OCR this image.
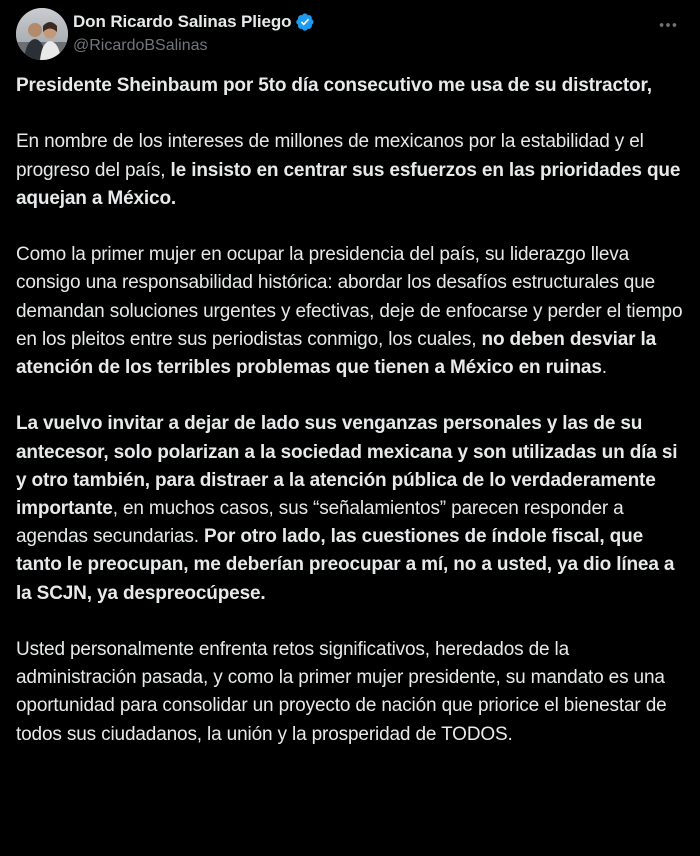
Don Ricardo Salinas Pliego
@RicardoBSalinas

Presidente Sheinbaum por 5to día consecutivo me usa de su distractor,

En nombre de los intereses de millones de mexicanos por la estabilidad y el progreso del país, le insisto en centrar sus esfuerzos en las prioridades que aquejan a México.

Como la primer mujer en ocupar la presidencia del país, su liderazgo lleva consigo una responsabilidad histórica: abordar los desafíos estructurales que demandan soluciones urgentes y efectivas, deje de enfocarse y perder el tiempo en los pleitos entre sus periodistas conmigo, los cuales, no deben desviar la atención de los terribles problemas que tienen a México en ruinas.

La vuelvo invitar a dejar de lado sus venganzas personales y las de su antecesor, solo polarizan a la sociedad mexicana y son utilizadas un día si y otro también, para distraer a la atención pública de lo verdaderamente importante, en muchos casos, sus “señalamientos” parecen responder a agendas secundarias. Por otro lado, las cuestiones de índole fiscal, que tanto le preocupan, me deberían preocupar a mí, no a usted, ya dio línea a la SCJN, ya despreocúpese.

Usted personalmente enfrenta retos significativos, heredados de la administración pasada, y como la primer mujer presidente, su mandato es una oportunidad para consolidar un proyecto de nación que priorice el bienestar de todos sus ciudadanos, la unión y la prosperidad de TODOS.
